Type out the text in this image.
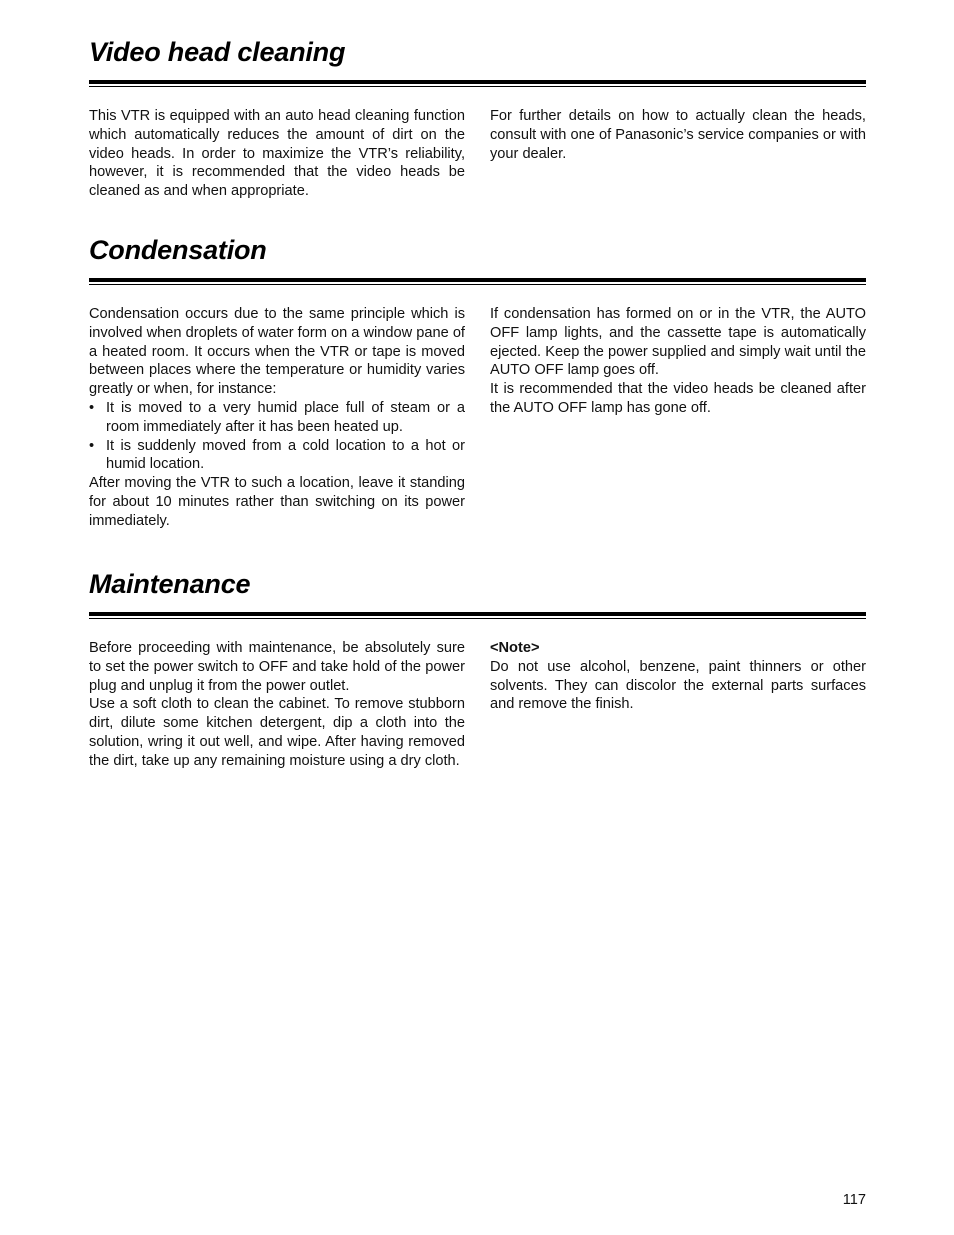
Video head cleaning

This VTR is equipped with an auto head cleaning function which automatically reduces the amount of dirt on the video heads. In order to maximize the VTR’s reliability, however, it is recommended that the video heads be cleaned as and when appropriate.

For further details on how to actually clean the heads, consult with one of Panasonic’s service companies or with your dealer.

Condensation

Condensation occurs due to the same principle which is involved when droplets of water form on a window pane of a heated room. It occurs when the VTR or tape is moved between places where the temperature or humidity varies greatly or when, for instance:

• It is moved to a very humid place full of steam or a room immediately after it has been heated up.
• It is suddenly moved from a cold location to a hot or humid location.

After moving the VTR to such a location, leave it standing for about 10 minutes rather than switching on its power immediately.

If condensation has formed on or in the VTR, the AUTO OFF lamp lights, and the cassette tape is automatically ejected. Keep the power supplied and simply wait until the AUTO OFF lamp goes off.

It is recommended that the video heads be cleaned after the AUTO OFF lamp has gone off.

Maintenance

Before proceeding with maintenance, be absolutely sure to set the power switch to OFF and take hold of the power plug and unplug it from the power outlet.

Use a soft cloth to clean the cabinet. To remove stubborn dirt, dilute some kitchen detergent, dip a cloth into the solution, wring it out well, and wipe. After having removed the dirt, take up any remaining moisture using a dry cloth.

<Note>

Do not use alcohol, benzene, paint thinners or other solvents. They can discolor the external parts surfaces and remove the finish.

117
